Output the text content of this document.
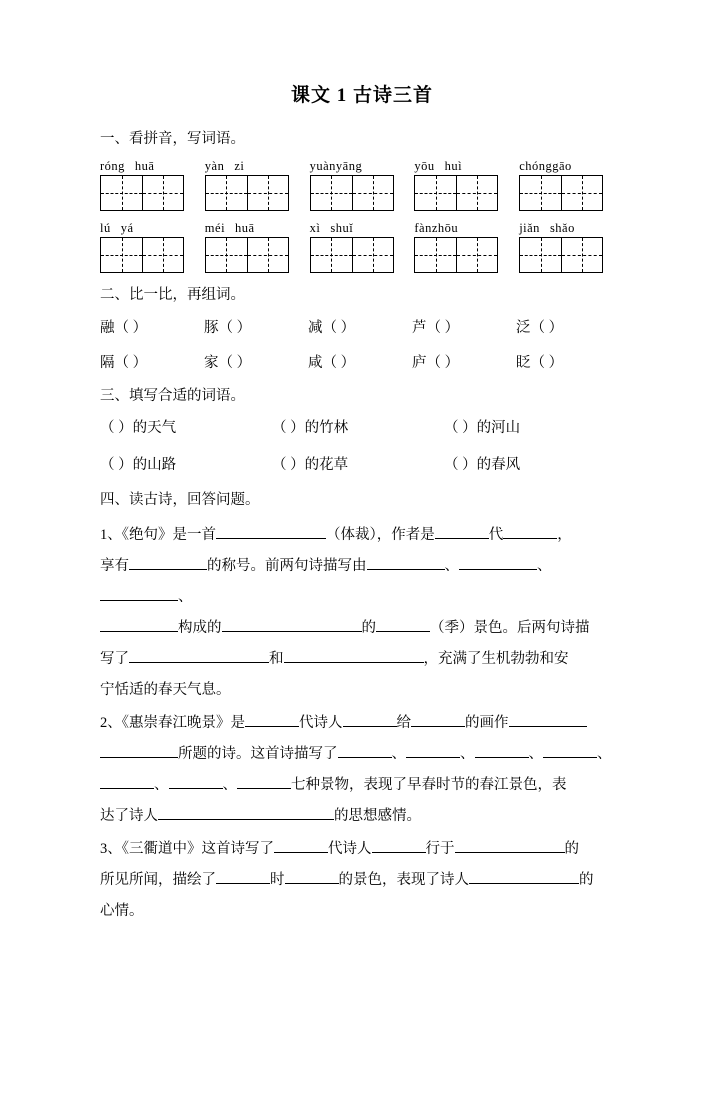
课文 1 古诗三首
一、看拼音，写词语。
róng huā	yàn zi	yuànyāng	yōu huì	chónggāo
lú yá	méi huā	xì shuǐ	fànzhōu	jiǎn shǎo
二、比一比，再组词。
融（ ）	豚（ ）	减（ ）	芦（ ）	泛（ ）
隔（ ）	家（ ）	咸（ ）	庐（ ）	眨（ ）
三、填写合适的词语。
（ ）的天气	（ ）的竹林	（ ）的河山
（ ）的山路	（ ）的花草	（ ）的春风
四、读古诗，回答问题。
1、《绝句》是一首	（体裁），作者是	代	，
享有	的称号。前两句诗描写由	、	、、
构成的	的	（季）景色。后两句诗描
写了	和	，充满了生机勃勃和安
宁恬适的春天气息。
2、《惠崇春江晚景》是	代诗人	给	的画作
所题的诗。这首诗描写了	、	、	、	、
、	、	七种景物，表现了早春时节的春江景色，表
达了诗人	的思想感情。
3、《三衢道中》这首诗写了	代诗人	行于	的
所见所闻，描绘了	时	的景色，表现了诗人	的
心情。
